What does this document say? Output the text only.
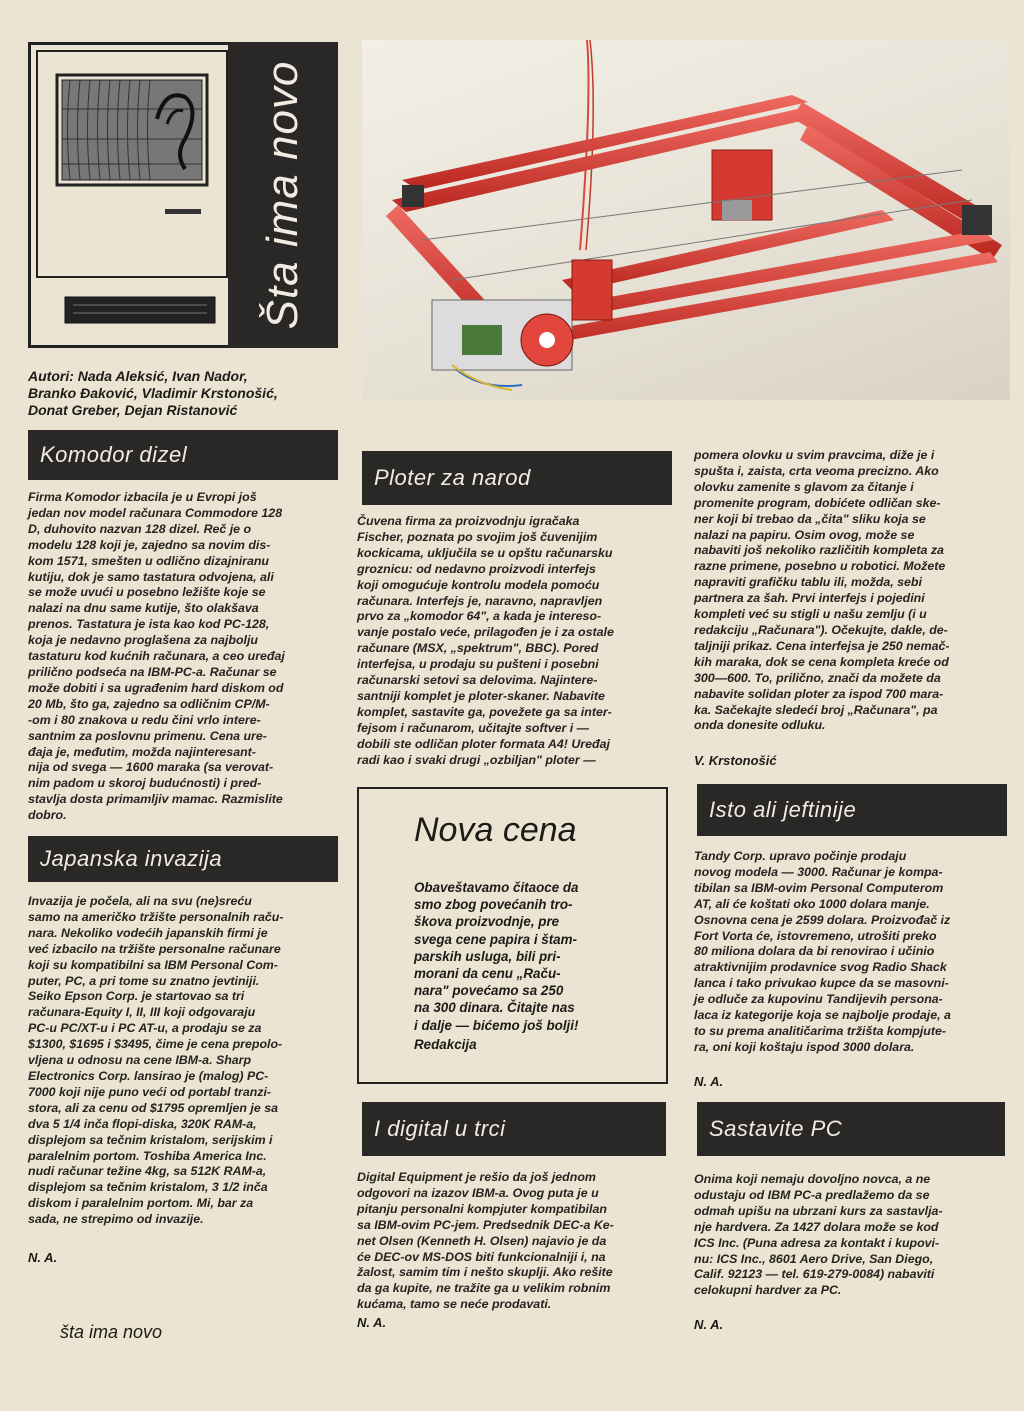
Šta ima novo
Autori: Nada Aleksić, Ivan Nador,
Branko Đaković, Vladimir Krstonošić,
Donat Greber, Dejan Ristanović
Komodor dizel
Firma Komodor izbacila je u Evropi još
jedan nov model računara Commodore 128
D, duhovito nazvan 128 dizel. Reč je o
modelu 128 koji je, zajedno sa novim dis-
kom 1571, smešten u odlično dizajniranu
kutiju, dok je samo tastatura odvojena, ali
se može uvući u posebno ležište koje se
nalazi na dnu same kutije, što olakšava
prenos. Tastatura je ista kao kod PC-128,
koja je nedavno proglašena za najbolju
tastaturu kod kućnih računara, a ceo uređaj
prilično podseća na IBM-PC-a. Računar se
može dobiti i sa ugrađenim hard diskom od
20 Mb, što ga, zajedno sa odličnim CP/M-
-om i 80 znakova u redu čini vrlo intere-
santnim za poslovnu primenu. Cena ure-
đaja je, međutim, možda najinteresant-
nija od svega — 1600 maraka (sa verovat-
nim padom u skoroj budućnosti) i pred-
stavlja dosta primamljiv mamac. Razmislite
dobro.
Japanska invazija
Invazija je počela, ali na svu (ne)sreću
samo na američko tržište personalnih raču-
nara. Nekoliko vodećih japanskih firmi je
već izbacilo na tržište personalne računare
koji su kompatibilni sa IBM Personal Com-
puter, PC, a pri tome su znatno jevtiniji.
Seiko Epson Corp. je startovao sa tri
računara-Equity I, II, III koji odgovaraju
PC-u PC/XT-u i PC AT-u, a prodaju se za
$1300, $1695 i $3495, čime je cena prepolo-
vljena u odnosu na cene IBM-a. Sharp
Electronics Corp. lansirao je (malog) PC-
7000 koji nije puno veći od portabl tranzi-
stora, ali za cenu od $1795 opremljen je sa
dva 5 1/4 inča flopi-diska, 320K RAM-a,
displejom sa tečnim kristalom, serijskim i
paralelnim portom. Toshiba America Inc.
nudi računar težine 4kg, sa 512K RAM-a,
displejom sa tečnim kristalom, 3 1/2 inča
diskom i paralelnim portom. Mi, bar za
sada, ne strepimo od invazije.
N. A.
Ploter za narod
Čuvena firma za proizvodnju igračaka
Fischer, poznata po svojim još čuvenijim
kockicama, uključila se u opštu računarsku
groznicu: od nedavno proizvodi interfejs
koji omogućuje kontrolu modela pomoću
računara. Interfejs je, naravno, napravljen
prvo za „komodor 64", a kada je interesо-
vanje postalo veće, prilagođen je i za ostale
računare (MSX, „spektrum", BBC). Pored
interfejsa, u prodaju su pušteni i posebni
računarski setovi sa delovima. Najintere-
santniji komplet je ploter-skaner. Nabavite
komplet, sastavite ga, povežete ga sa inter-
fejsom i računarom, učitajte softver i —
dobili ste odličan ploter formata A4! Uređaj
radi kao i svaki drugi „ozbiljan" ploter —
Nova cena
Obaveštavamo čitaoce da
smo zbog povećanih tro-
škova proizvodnje, pre
svega cene papira i štam-
parskih usluga, bili pri-
morani da cenu „Raču-
nara" povećamo sa 250
na 300 dinara. Čitajte nas
i dalje — bićemo još bolji!
Redakcija
I digital u trci
Digital Equipment je rešio da još jednom
odgovori na izazov IBM-a. Ovog puta je u
pitanju personalni kompjuter kompatibilan
sa IBM-ovim PC-jem. Predsednik DEC-a Ke-
net Olsen (Kenneth H. Olsen) najavio je da
će DEC-ov MS-DOS biti funkcionalniji i, na
žalost, samim tim i nešto skuplji. Ako rešite
da ga kupite, ne tražite ga u velikim robnim
kućama, tamo se neće prodavati.
N. A.
pomera olovku u svim pravcima, diže je i
spušta i, zaista, crta veoma precizno. Ako
olovku zamenite s glavom za čitanje i
promenite program, dobićete odličan ske-
ner koji bi trebao da „čita" sliku koja se
nalazi na papiru. Osim ovog, može se
nabaviti još nekoliko različitih kompleta za
razne primene, posebno u robotici. Možete
napraviti grafičku tablu ili, možda, sebi
partnera za šah. Prvi interfejs i pojedini
kompleti već su stigli u našu zemlju (i u
redakciju „Računara"). Očekujte, dakle, de-
taljniji prikaz. Cena interfejsa je 250 nemač-
kih maraka, dok se cena kompleta kreće od
300—600. To, prilično, znači da možete da
nabavite solidan ploter za ispod 700 mara-
ka. Sačekajte sledeći broj „Računara", pa
onda donesite odluku.
V. Krstonošić
Isto ali jeftinije
Tandy Corp. upravo počinje prodaju
novog modela — 3000. Računar je kompa-
tibilan sa IBM-ovim Personal Computerom
AT, ali će koštati oko 1000 dolara manje.
Osnovna cena je 2599 dolara. Proizvođač iz
Fort Vorta će, istovremeno, utrošiti preko
80 miliona dolara da bi renovirao i učinio
atraktivnijim prodavnice svog Radio Shack
lanca i tako privukao kupce da se masovni-
je odluče za kupovinu Tandijevih persona-
laca iz kategorije koja se najbolje prodaje, a
to su prema analitičarima tržišta kompjute-
ra, oni koji koštaju ispod 3000 dolara.
N. A.
Sastavite PC
Onima koji nemaju dovoljno novca, a ne
odustaju od IBM PC-a predlažemo da se
odmah upišu na ubrzani kurs za sastavlja-
nje hardvera. Za 1427 dolara može se kod
ICS Inc. (Puna adresa za kontakt i kupovi-
nu: ICS Inc., 8601 Aero Drive, San Diego,
Calif. 92123 — tel. 619-279-0084) nabaviti
celokupni hardver za PC.
N. A.
šta ima novo
